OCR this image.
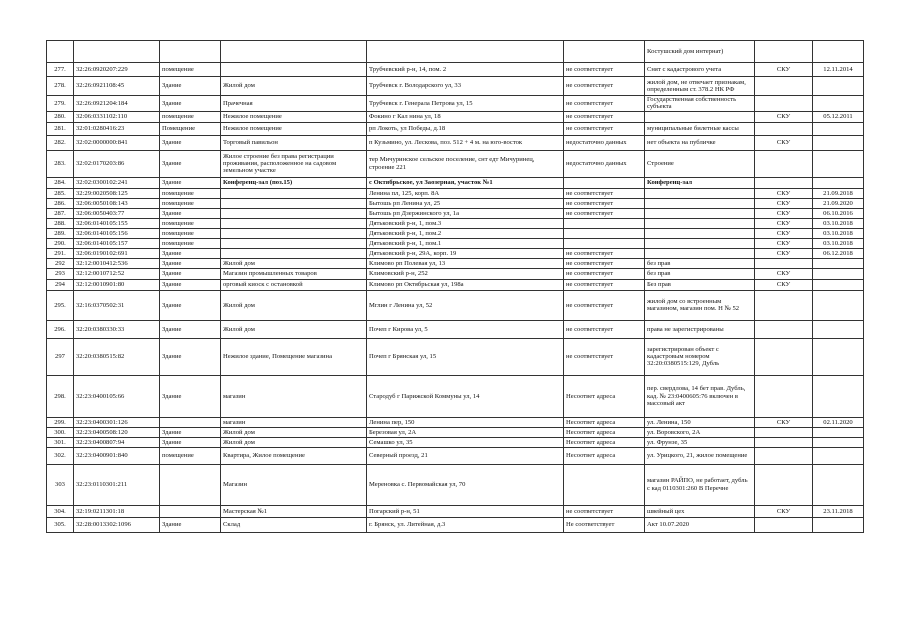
						Костушский дом интернат)		
277.	32:26:0920207:229	помещение		Трубчевский р-н, 14, пом. 2	не соответствует	Снят с кадастрового учета	СКУ	12.11.2014
278.	32:26:0921108:45	Здание	Жилой дом	Трубчевск г. Володарского ул, 33	не соответствует	жилой дом, не отвечает признакам, определенным ст. 378.2 НК РФ		
279.	32:26:0921204:184	Здание	Прачечная	Трубчевск г. Генерала Петрова ул, 15	не соответствует	Государственная собственность субъекта		
280.	32:06:0331102:110	помещение	Нежилое помещение	Фокино г Кал нина ул, 18	не соответствует		СКУ	05.12.2011
281.	32:01:0280416:23	Помещение	Нежилое помещение	рп Локоть, ул Победы, д.18	не соответствует	муниципальные билетные кассы		
282.	32:02:0000000:841	Здание	Торговый павильон	п Кузьмино, ул. Лескова, поз. 512 + 4 м. на юго-восток	недостаточно данных	нет объекта на публичке	СКУ	
283.	32:02:0170203:86	Здание	Жилое строение без права регистрации проживания, расположенное на садовом земельном участке	тер Мичуринское сельское поселение, снт едт Мичуринец, строение 221	недостаточно данных	Строение		
284.	32:02:0300102:241	Здание	Конференц-зал (поз.15)	с Октябрьское, ул Заозерная, участок №1		Конференц-зал		
285.	32:29:0020508:125	помещение		Ленина пл, 125, корп. 8А	не соответствует		СКУ	21.09.2018
286.	32:06:0050108:143	помещение		Бытошь рп Ленина ул, 25	не соответствует		СКУ	21.09.2020
287.	32:06:0050403:77	Здание		Бытошь рп Дзержинского ул, 1а	не соответствует		СКУ	06.10.2016
288.	32:06:0140105:155	помещение		Дятьковский р-н, 1, пом.3			СКУ	03.10.2018
289.	32:06:0140105:156	помещение		Дятьковский р-н, 1, пом.2			СКУ	03.10.2018
290.	32:06:0140105:157	помещение		Дятьковский р-н, 1, пом.1			СКУ	03.10.2018
291.	32:06:0190102:691	Здание		Дятьковский р-н, 29А, корп. 19	не соответствует		СКУ	06.12.2018
292	32:12:0010412:536	Здание	Жилой дом	Климово рп Полевая ул, 13	не соответствует	без прав		
293	32:12:0010712:52	Здание	Магазин промышленных товаров	Климовский р-н, 252	не соответствует	без прав	СКУ	
294	32:12:0010901:80	Здание	орговый киоск с остановкой	Климово рп Октябрьская ул, 198а	не соответствует	Без прав	СКУ	
295.	32:16:0370502:31	Здание	Жилой дом	Мглин г Ленина ул, 52	не соответствует	жилой дом со встроенным магазином, магазин пом. Н № 52		
296.	32:20:0380330:33	Здание	Жилой дом	Почеп г Кирова ул, 5	не соответствует	права не зарегистрированы		
297	32:20:0380515:82	Здание	Нежилое здание, Помещение магазина	Почеп г Брянская ул, 15	не соответствует	зарегистрирован объект с кадастровым номером 32:20:0380515:129, Дубль		
298.	32:23:0400105:66	Здание	магазин	Стародуб г Парижской Коммуны ул, 14	Несоответ адреса	пер. свердлова, 14 бет прав. Дубль, кад. № 23:0400605:76 включен в массовый акт		
299.	32:23:0400301:126		магазин	Ленина пер, 150	Несоответ адреса	ул. Ленина, 150	СКУ	02.11.2020
300.	32:23:0400508:120	Здание	Жилой дом	Березовая ул, 2А	Несоответ адреса	ул. Воровского, 2А		
301.	32:23:0400807:94	Здание	Жилой дом	Семашко ул, 35	Несоответ адреса	ул. Фрунзе, 35		
302.	32:23:0400901:840	помещение	Квартира, Жилое помещение	Северный проезд, 21	Несоответ адреса	ул. Урицкого, 21, жилое помещение		
303	32:23:0110301:211		Магазин	Мереновка с. Первомайская ул, 70		магазин РАЙПО, не работает, дубль с кад 0110301:260 В Перечне		
304.	32:19:0211301:18		Мастерская №1	Погарский р-н, 51	не соответствует	швейный цех	СКУ	23.11.2018
305.	32:28:0013302:1096	Здание	Склад	г. Брянск, ул. Литейная, д.3	Не соответствует	Акт 10.07.2020		
